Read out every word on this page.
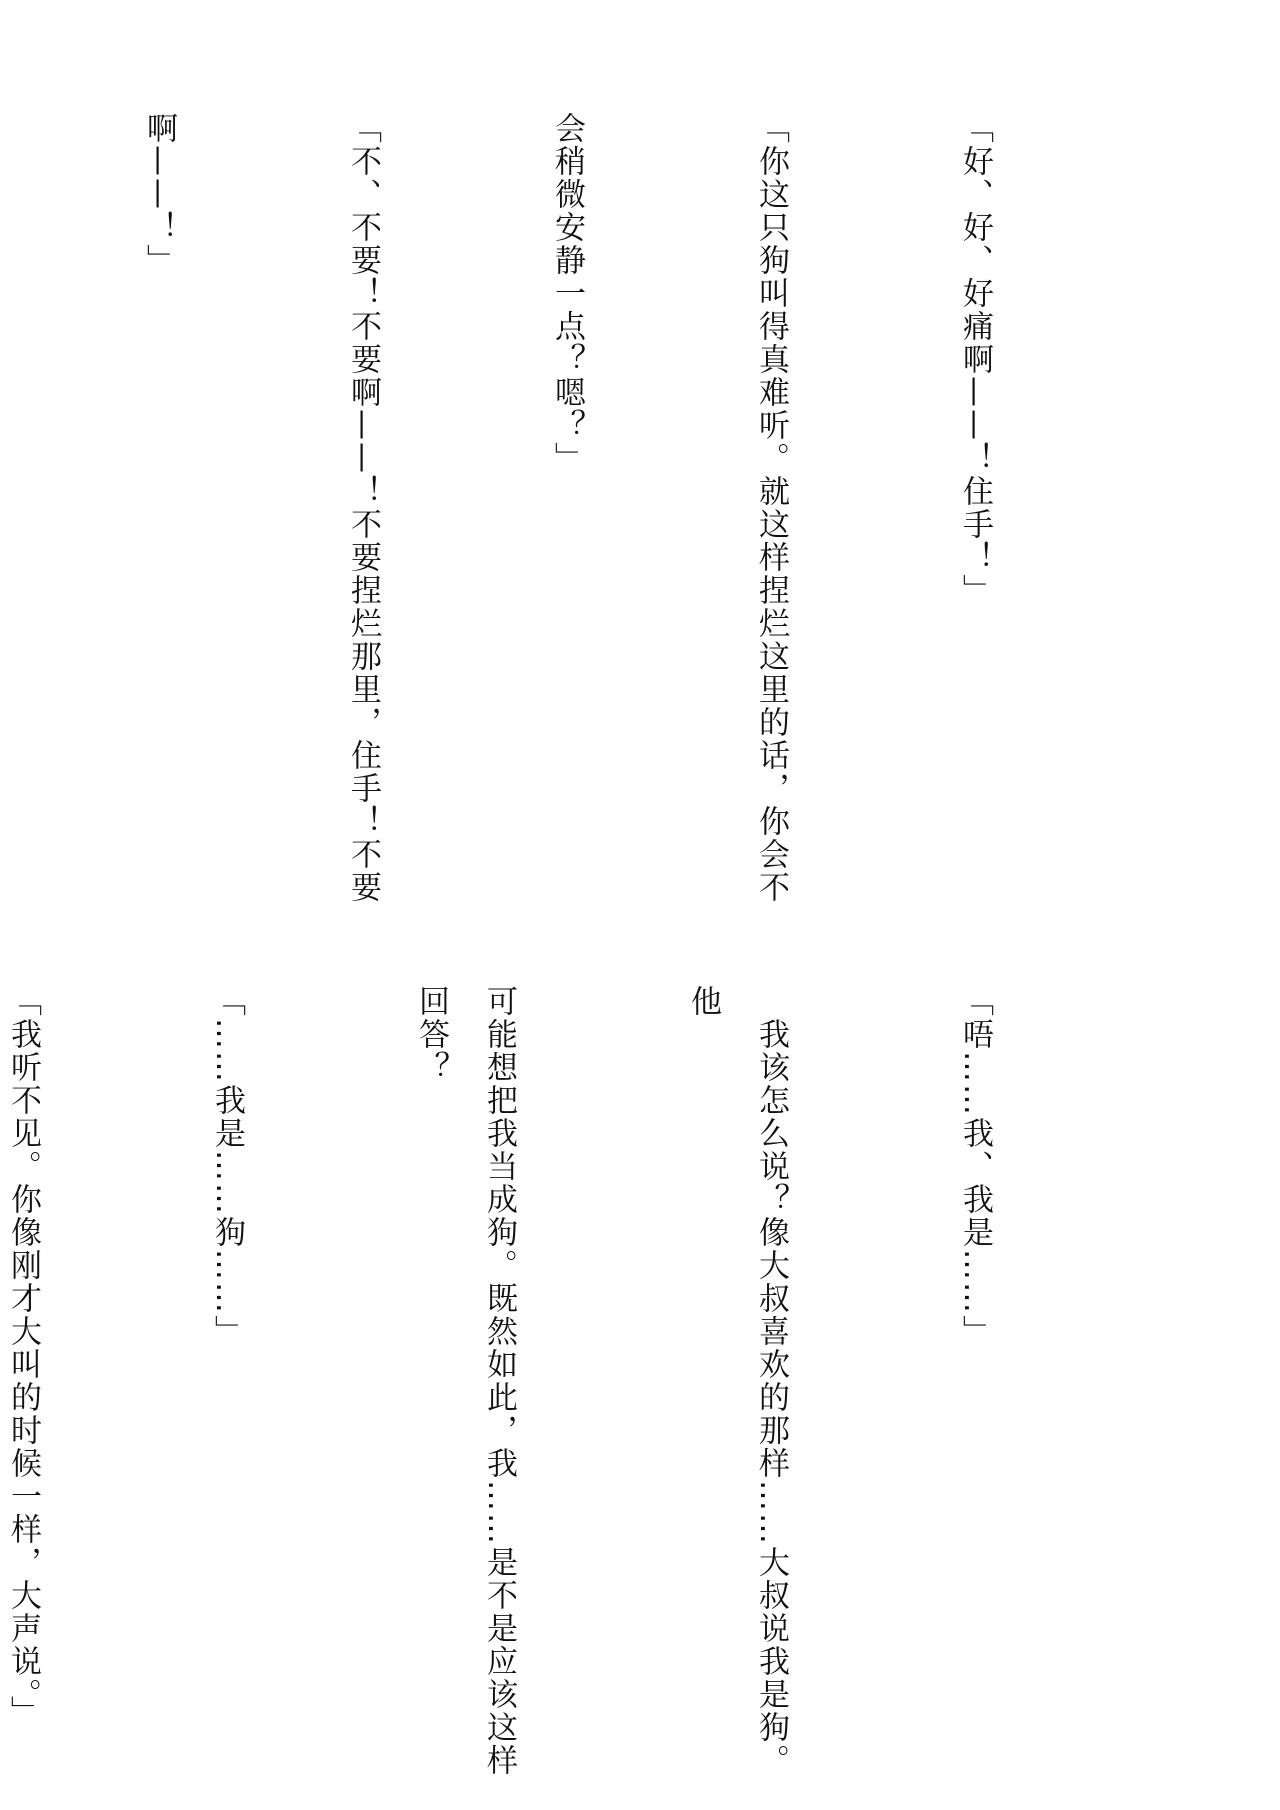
「好、好、好痛啊——！住手！」

「你这只狗叫得真难听。就这样捏烂这里的话，你会不

会稍微安静一点？嗯？」

「不、不要！不要啊——！不要捏烂那里，住手！不要

啊——！」

「唔……我、我是……」

　我该怎么说？像大叔喜欢的那样……大叔说我是狗。他

可能想把我当成狗。既然如此，我……是不是应该这样回答？

「……我是……狗……」

「我听不见。你像刚才大叫的时候一样，大声说。」
